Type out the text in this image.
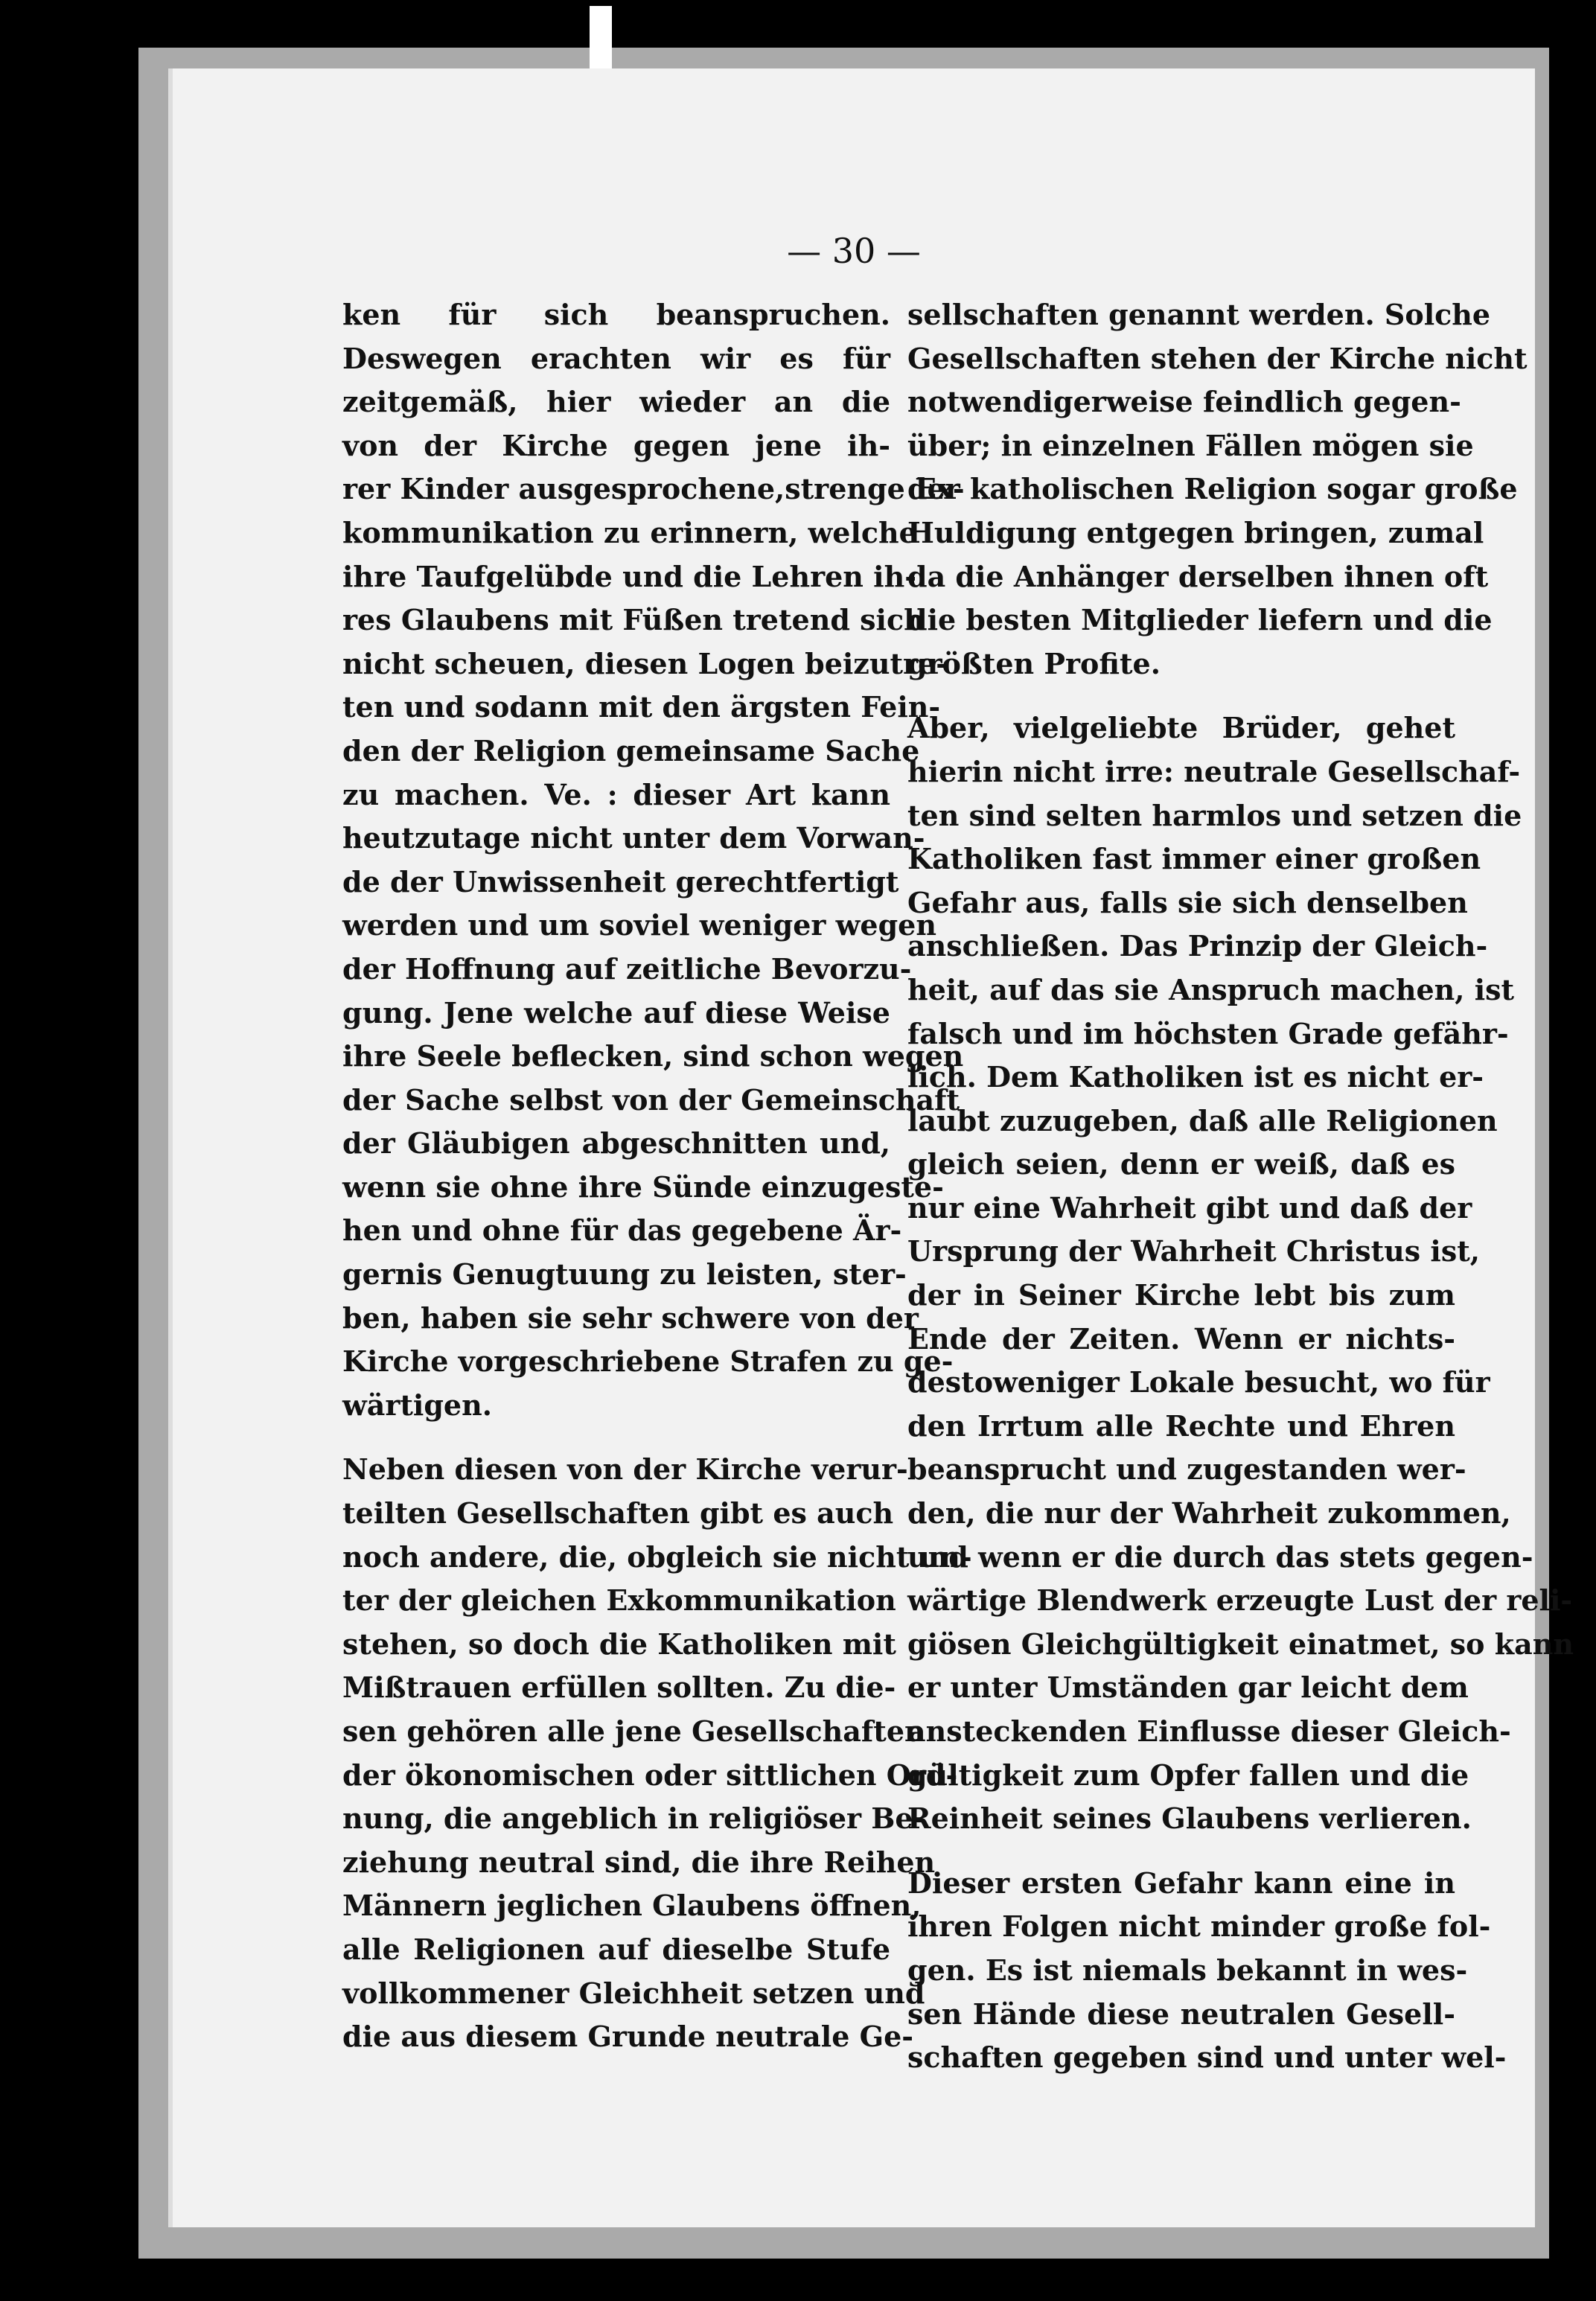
— 30 —
ken für sich beanspruchen.
Deswegen erachten wir es für
zeitgemäß, hier wieder an die
von der Kirche gegen jene ih-
rer Kinder ausgesprochene,strenge Ex-
kommunikation zu erinnern, welche
ihre Taufgelübde und die Lehren ih-
res Glaubens mit Füßen tretend sich
nicht scheuen, diesen Logen beizutre-
ten und sodann mit den ärgsten Fein-
den der Religion gemeinsame Sache
zu machen. Ve. : dieser Art kann
heutzutage nicht unter dem Vorwan-
de der Unwissenheit gerechtfertigt
werden und um soviel weniger wegen
der Hoffnung auf zeitliche Bevorzu-
gung. Jene welche auf diese Weise
ihre Seele beflecken, sind schon wegen
der Sache selbst von der Gemeinschaft
der Gläubigen abgeschnitten und,
wenn sie ohne ihre Sünde einzugeste-
hen und ohne für das gegebene Är-
gernis Genugtuung zu leisten, ster-
ben, haben sie sehr schwere von der
Kirche vorgeschriebene Strafen zu ge-
wärtigen.
Neben diesen von der Kirche verur-
teilten Gesellschaften gibt es auch
noch andere, die, obgleich sie nicht un-
ter der gleichen Exkommunikation
stehen, so doch die Katholiken mit
Mißtrauen erfüllen sollten. Zu die-
sen gehören alle jene Gesellschaften
der ökonomischen oder sittlichen Ord-
nung, die angeblich in religiöser Be-
ziehung neutral sind, die ihre Reihen
Männern jeglichen Glaubens öffnen,
alle Religionen auf dieselbe Stufe
vollkommener Gleichheit setzen und
die aus diesem Grunde neutrale Ge-
sellschaften genannt werden. Solche
Gesellschaften stehen der Kirche nicht
notwendigerweise feindlich gegen-
über; in einzelnen Fällen mögen sie
der katholischen Religion sogar große
Huldigung entgegen bringen, zumal
da die Anhänger derselben ihnen oft
die besten Mitglieder liefern und die
größten Profite.
Aber, vielgeliebte Brüder, gehet
hierin nicht irre: neutrale Gesellschaf-
ten sind selten harmlos und setzen die
Katholiken fast immer einer großen
Gefahr aus, falls sie sich denselben
anschließen. Das Prinzip der Gleich-
heit, auf das sie Anspruch machen, ist
falsch und im höchsten Grade gefähr-
lich. Dem Katholiken ist es nicht er-
laubt zuzugeben, daß alle Religionen
gleich seien, denn er weiß, daß es
nur eine Wahrheit gibt und daß der
Ursprung der Wahrheit Christus ist,
der in Seiner Kirche lebt bis zum
Ende der Zeiten. Wenn er nichts-
destoweniger Lokale besucht, wo für
den Irrtum alle Rechte und Ehren
beansprucht und zugestanden wer-
den, die nur der Wahrheit zukommen,
und wenn er die durch das stets gegen-
wärtige Blendwerk erzeugte Lust der reli-
giösen Gleichgültigkeit einatmet, so kann
er unter Umständen gar leicht dem
ansteckenden Einflusse dieser Gleich-
gültigkeit zum Opfer fallen und die
Reinheit seines Glaubens verlieren.
Dieser ersten Gefahr kann eine in
ihren Folgen nicht minder große fol-
gen. Es ist niemals bekannt in wes-
sen Hände diese neutralen Gesell-
schaften gegeben sind und unter wel-
